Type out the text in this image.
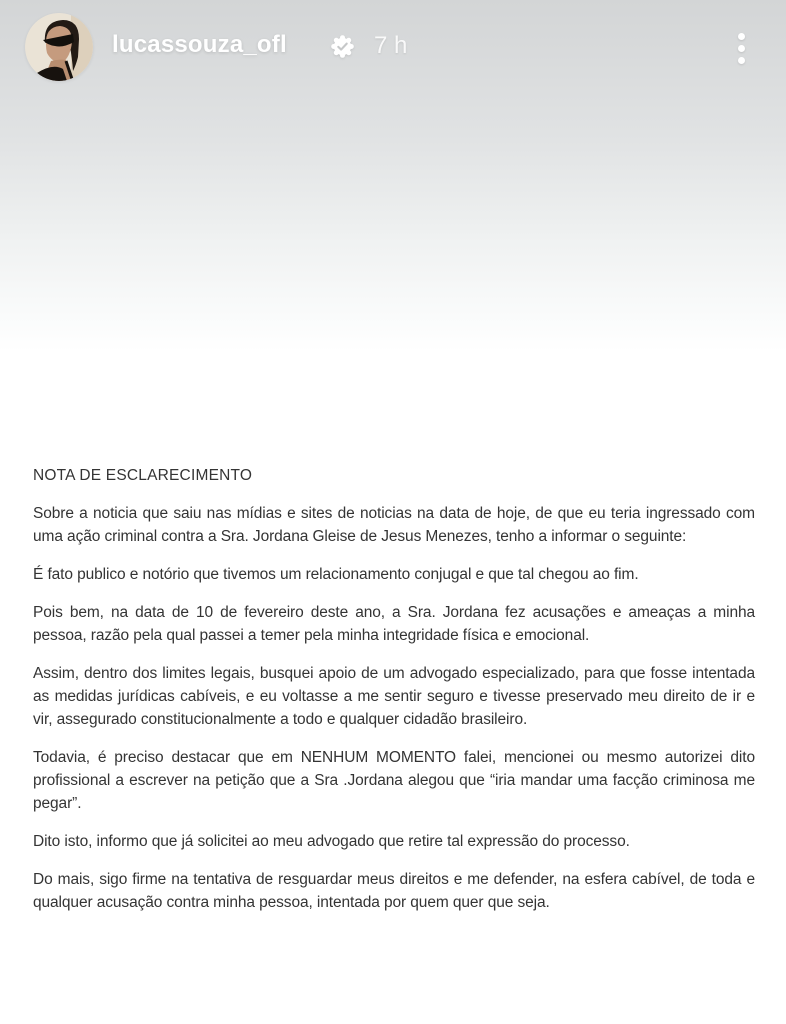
lucassouza_ofl	7 h
NOTA DE ESCLARECIMENTO

Sobre a noticia que saiu nas mídias e sites de noticias na data de hoje, de que eu teria ingressado com uma ação criminal contra a Sra. Jordana Gleise de Jesus Menezes, tenho a informar o seguinte:

É fato publico e notório que tivemos um relacionamento conjugal e que tal chegou ao fim.

Pois bem, na data de 10 de fevereiro deste ano, a Sra. Jordana fez acusações e ameaças a minha pessoa, razão pela qual passei a temer pela minha integridade física e emocional.

Assim, dentro dos limites legais, busquei apoio de um advogado especializado, para que fosse intentada as medidas jurídicas cabíveis, e eu voltasse a me sentir seguro e tivesse preservado meu direito de ir e vir, assegurado constitucionalmente a todo e qualquer cidadão brasileiro.

Todavia, é preciso destacar que em NENHUM MOMENTO falei, mencionei ou mesmo autorizei dito profissional a escrever na petição que a Sra .Jordana alegou que “iria mandar uma facção criminosa me pegar”.

Dito isto, informo que já solicitei ao meu advogado que retire tal expressão do processo.

Do mais, sigo firme na tentativa de resguardar meus direitos e me defender, na esfera cabível, de toda e qualquer acusação contra minha pessoa, intentada por quem quer que seja.
